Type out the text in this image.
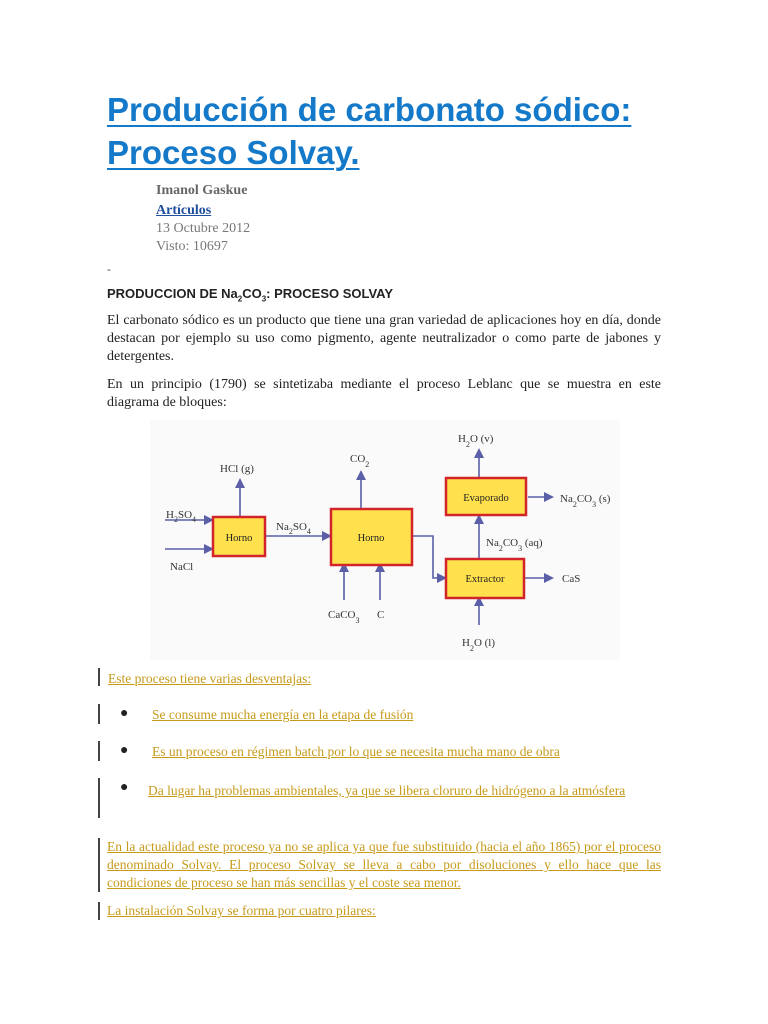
Producción de carbonato sódico: Proceso Solvay.
Imanol Gaskue
Artículos
13 Octubre 2012
Visto: 10697
-
PRODUCCION DE $Na_2CO_3$: PROCESO SOLVAY

El carbonato sódico es un producto que tiene una gran variedad de aplicaciones hoy en día, donde destacan por ejemplo su uso como pigmento, agente neutralizador o como parte de jabones y detergentes.

En un principio (1790) se sintetizaba mediante el proceso Leblanc que se muestra en este diagrama de bloques:

Horno	Horno
Evaporado
Extractor
HCl (g)
$H_2SO_4$
NaCl
$Na_2SO_4$
$CO_2$
CaCO$_3$ C
$H_2O$ (v)
$Na_2CO_3$ (s)
$Na_2CO_3$ (aq)
CaS
$H_2O$ (l)
Este proceso tiene varias desventajas:
● Se consume mucha energía en la etapa de fusión
● Es un proceso en régimen batch por lo que se necesita mucha mano de obra
● Da lugar ha problemas ambientales, ya que se libera cloruro de hidrógeno a la atmósfera
En la actualidad este proceso ya no se aplica ya que fue substituido (hacia el año 1865) por el proceso denominado Solvay. El proceso Solvay se lleva a cabo por disoluciones y ello hace que las condiciones de proceso se han más sencillas y el coste sea menor.
La instalación Solvay se forma por cuatro pilares:
